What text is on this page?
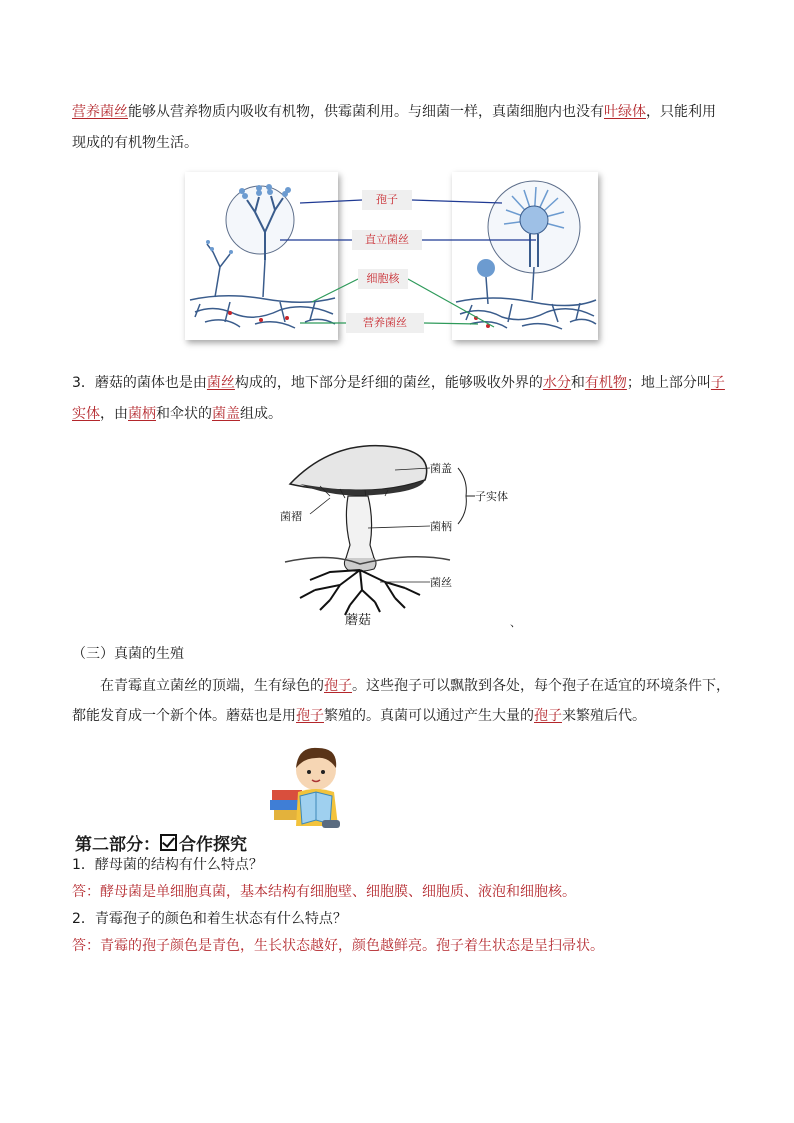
营养菌丝能够从营养物质内吸收有机物，供霉菌利用。与细菌一样，真菌细胞内也没有叶绿体，只能利用
现成的有机物生活。
孢子
直立菌丝
细胞核
营养菌丝
3．蘑菇的菌体也是由菌丝构成的，地下部分是纤细的菌丝，能够吸收外界的水分和有机物；地上部分叫子
实体，由菌柄和伞状的菌盖组成。
菌盖
菌褶
菌柄
菌丝
子实体
蘑菇	、
（三）真菌的生殖
在青霉直立菌丝的顶端，生有绿色的孢子。这些孢子可以飘散到各处，每个孢子在适宜的环境条件下，
都能发育成一个新个体。蘑菇也是用孢子繁殖的。真菌可以通过产生大量的孢子来繁殖后代。
第二部分： 合作探究
1．酵母菌的结构有什么特点？
答：酵母菌是单细胞真菌，基本结构有细胞壁、细胞膜、细胞质、液泡和细胞核。
2．青霉孢子的颜色和着生状态有什么特点？
答：青霉的孢子颜色是青色，生长状态越好，颜色越鲜亮。孢子着生状态是呈扫帚状。
